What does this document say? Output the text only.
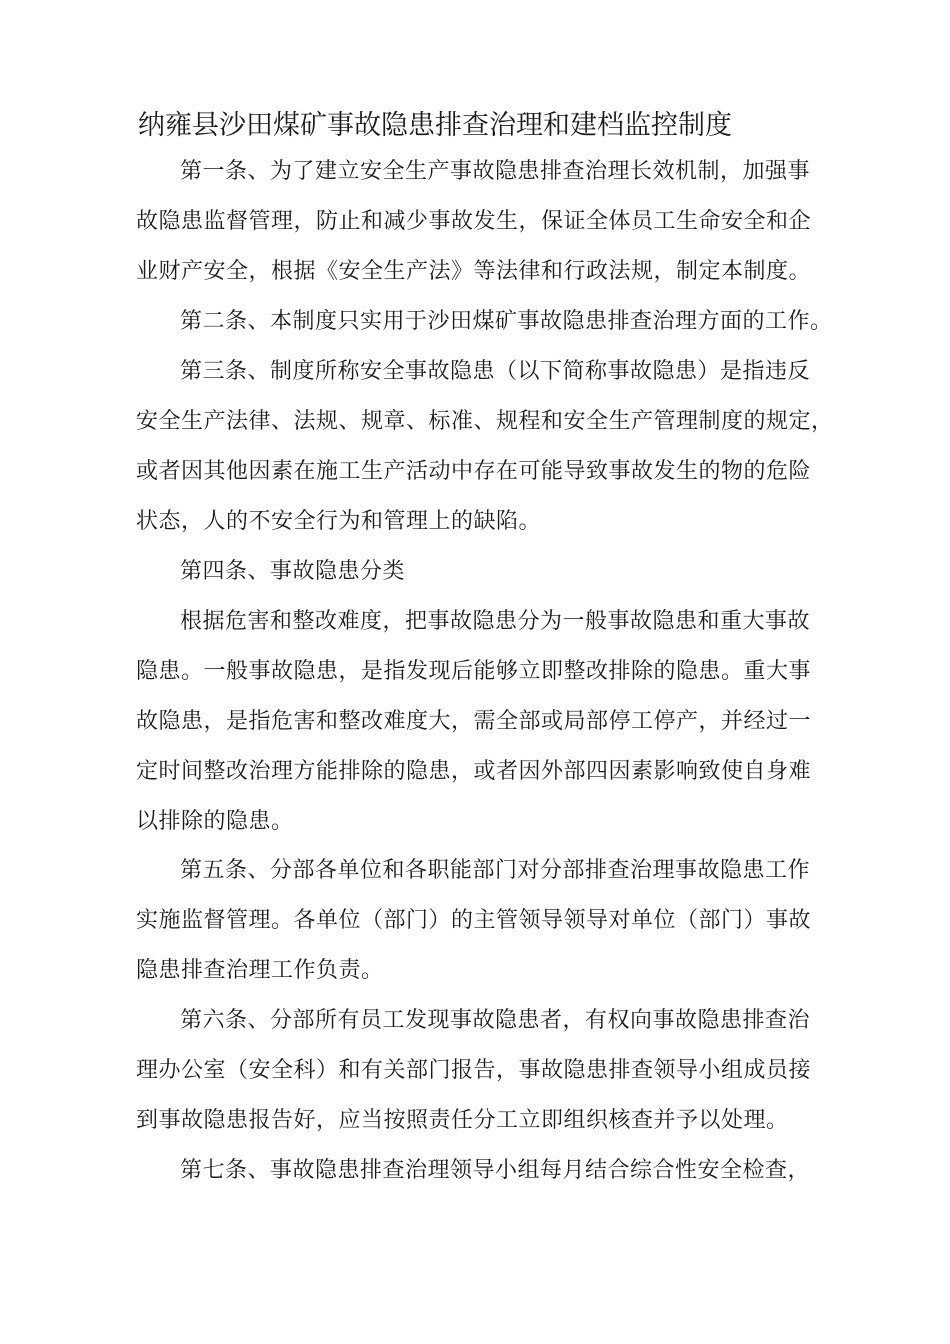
纳雍县沙田煤矿事故隐患排查治理和建档监控制度
第一条、为了建立安全生产事故隐患排查治理长效机制，加强事
故隐患监督管理，防止和减少事故发生，保证全体员工生命安全和企
业财产安全，根据《安全生产法》等法律和行政法规，制定本制度。
第二条、本制度只实用于沙田煤矿事故隐患排查治理方面的工作。
第三条、制度所称安全事故隐患（以下简称事故隐患）是指违反
安全生产法律、法规、规章、标准、规程和安全生产管理制度的规定，
或者因其他因素在施工生产活动中存在可能导致事故发生的物的危险
状态，人的不安全行为和管理上的缺陷。
第四条、事故隐患分类
根据危害和整改难度，把事故隐患分为一般事故隐患和重大事故
隐患。一般事故隐患，是指发现后能够立即整改排除的隐患。重大事
故隐患，是指危害和整改难度大，需全部或局部停工停产，并经过一
定时间整改治理方能排除的隐患，或者因外部四因素影响致使自身难
以排除的隐患。
第五条、分部各单位和各职能部门对分部排查治理事故隐患工作
实施监督管理。各单位（部门）的主管领导领导对单位（部门）事故
隐患排查治理工作负责。
第六条、分部所有员工发现事故隐患者，有权向事故隐患排查治
理办公室（安全科）和有关部门报告，事故隐患排查领导小组成员接
到事故隐患报告好，应当按照责任分工立即组织核查并予以处理。
第七条、事故隐患排查治理领导小组每月结合综合性安全检查，
